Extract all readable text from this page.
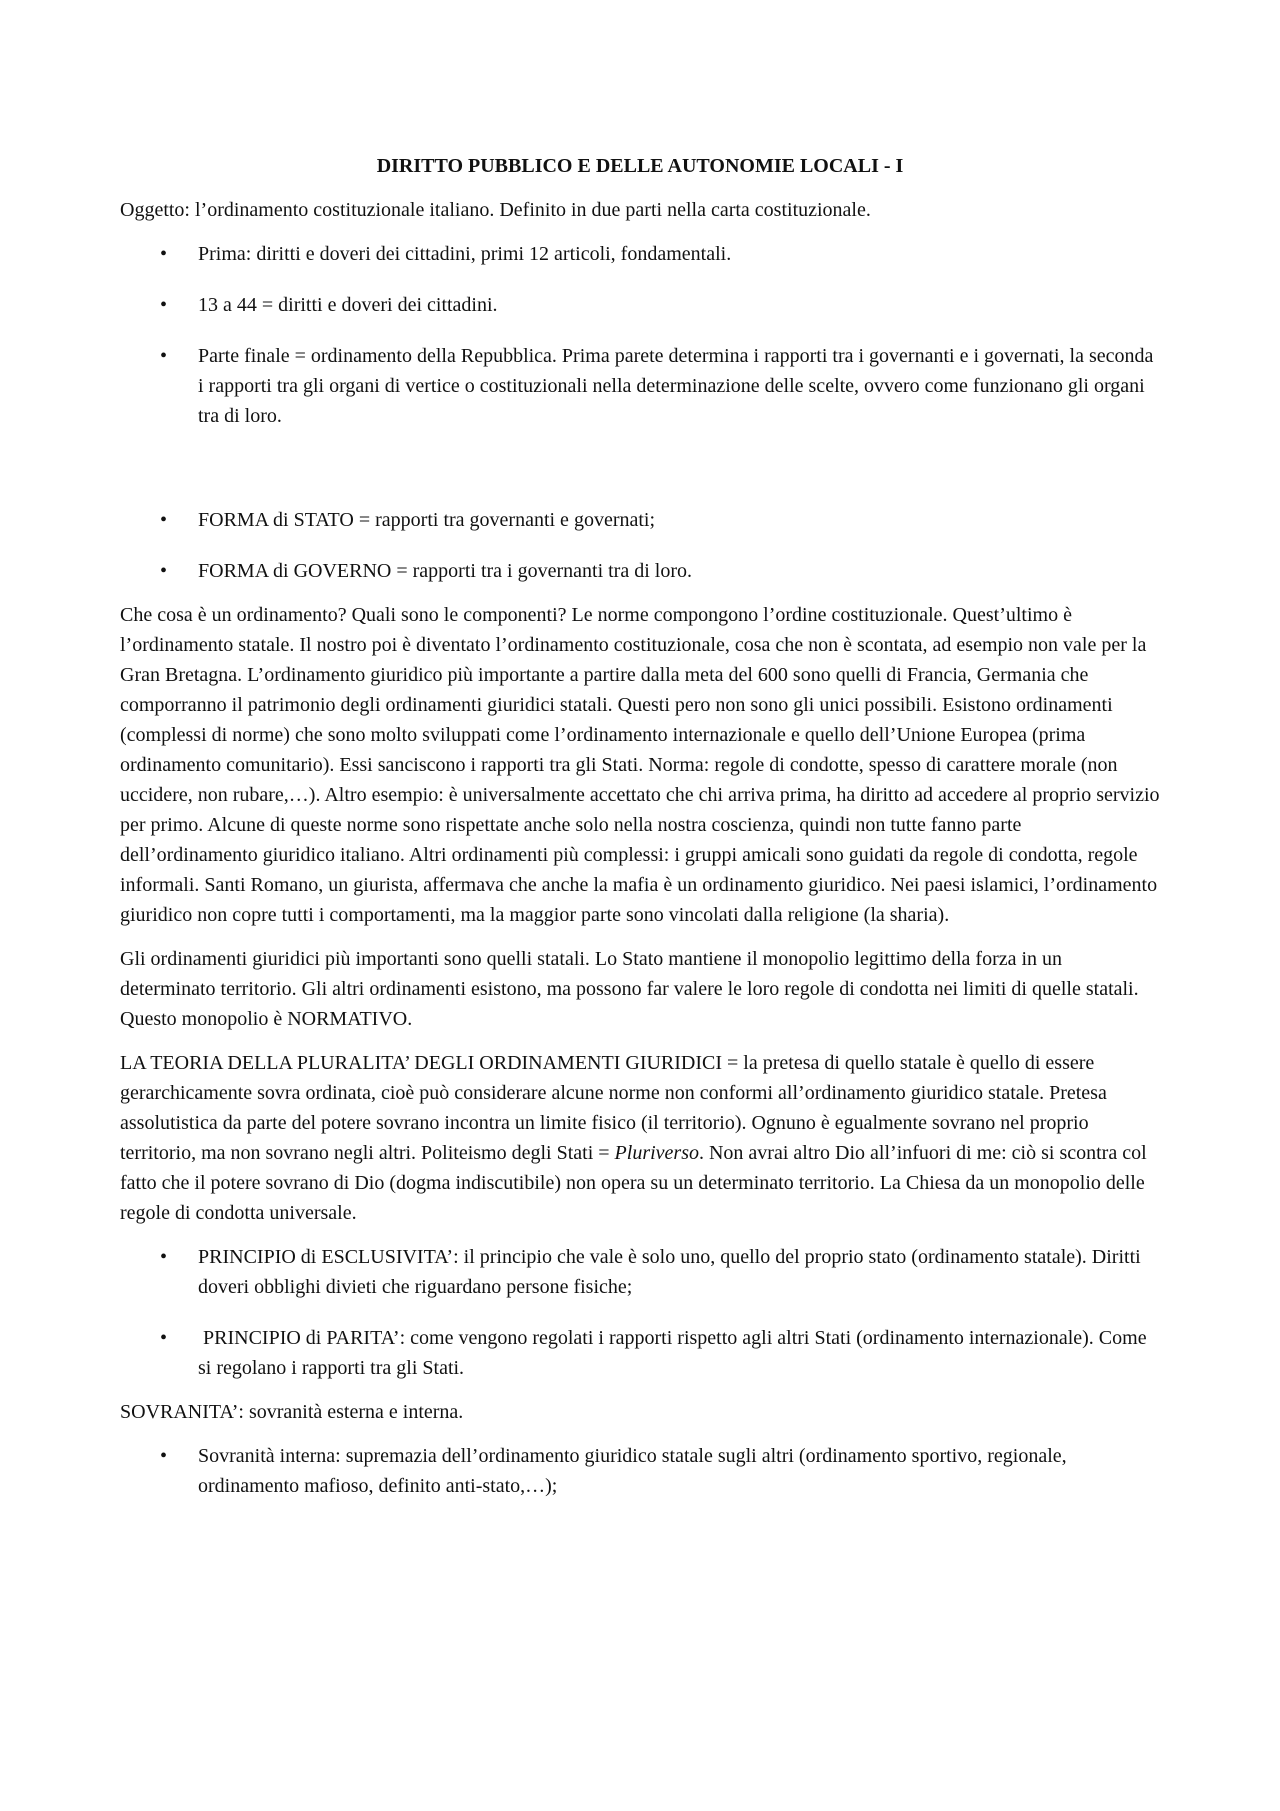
DIRITTO PUBBLICO E DELLE AUTONOMIE LOCALI - I

Oggetto: l’ordinamento costituzionale italiano. Definito in due parti nella carta costituzionale.

• Prima: diritti e doveri dei cittadini, primi 12 articoli, fondamentali.
• 13 a 44 = diritti e doveri dei cittadini.
• Parte finale = ordinamento della Repubblica. Prima parete determina i rapporti tra i governanti e i governati, la seconda i rapporti tra gli organi di vertice o costituzionali nella determinazione delle scelte, ovvero come funzionano gli organi tra di loro.
• FORMA di STATO = rapporti tra governanti e governati;
• FORMA di GOVERNO = rapporti tra i governanti tra di loro.

Che cosa è un ordinamento? Quali sono le componenti? Le norme compongono l’ordine costituzionale. Quest’ultimo è l’ordinamento statale. Il nostro poi è diventato l’ordinamento costituzionale, cosa che non è scontata, ad esempio non vale per la Gran Bretagna. L’ordinamento giuridico più importante a partire dalla meta del 600 sono quelli di Francia, Germania che comporranno il patrimonio degli ordinamenti giuridici statali. Questi pero non sono gli unici possibili. Esistono ordinamenti (complessi di norme) che sono molto sviluppati come l’ordinamento internazionale e quello dell’Unione Europea (prima ordinamento comunitario). Essi sanciscono i rapporti tra gli Stati. Norma: regole di condotte, spesso di carattere morale (non uccidere, non rubare,…). Altro esempio: è universalmente accettato che chi arriva prima, ha diritto ad accedere al proprio servizio per primo. Alcune di queste norme sono rispettate anche solo nella nostra coscienza, quindi non tutte fanno parte dell’ordinamento giuridico italiano. Altri ordinamenti più complessi: i gruppi amicali sono guidati da regole di condotta, regole informali. Santi Romano, un giurista, affermava che anche la mafia è un ordinamento giuridico. Nei paesi islamici, l’ordinamento giuridico non copre tutti i comportamenti, ma la maggior parte sono vincolati dalla religione (la sharia).

Gli ordinamenti giuridici più importanti sono quelli statali. Lo Stato mantiene il monopolio legittimo della forza in un determinato territorio. Gli altri ordinamenti esistono, ma possono far valere le loro regole di condotta nei limiti di quelle statali. Questo monopolio è NORMATIVO.

LA TEORIA DELLA PLURALITA’ DEGLI ORDINAMENTI GIURIDICI = la pretesa di quello statale è quello di essere gerarchicamente sovra ordinata, cioè può considerare alcune norme non conformi all’ordinamento giuridico statale. Pretesa assolutistica da parte del potere sovrano incontra un limite fisico (il territorio). Ognuno è egualmente sovrano nel proprio territorio, ma non sovrano negli altri. Politeismo degli Stati = Pluriverso. Non avrai altro Dio all’infuori di me: ciò si scontra col fatto che il potere sovrano di Dio (dogma indiscutibile) non opera su un determinato territorio. La Chiesa da un monopolio delle regole di condotta universale.

• PRINCIPIO di ESCLUSIVITA’: il principio che vale è solo uno, quello del proprio stato (ordinamento statale). Diritti doveri obblighi divieti che riguardano persone fisiche;
• PRINCIPIO di PARITA’: come vengono regolati i rapporti rispetto agli altri Stati (ordinamento internazionale). Come si regolano i rapporti tra gli Stati.

SOVRANITA’: sovranità esterna e interna.

• Sovranità interna: supremazia dell’ordinamento giuridico statale sugli altri (ordinamento sportivo, regionale, ordinamento mafioso, definito anti-stato,…);
